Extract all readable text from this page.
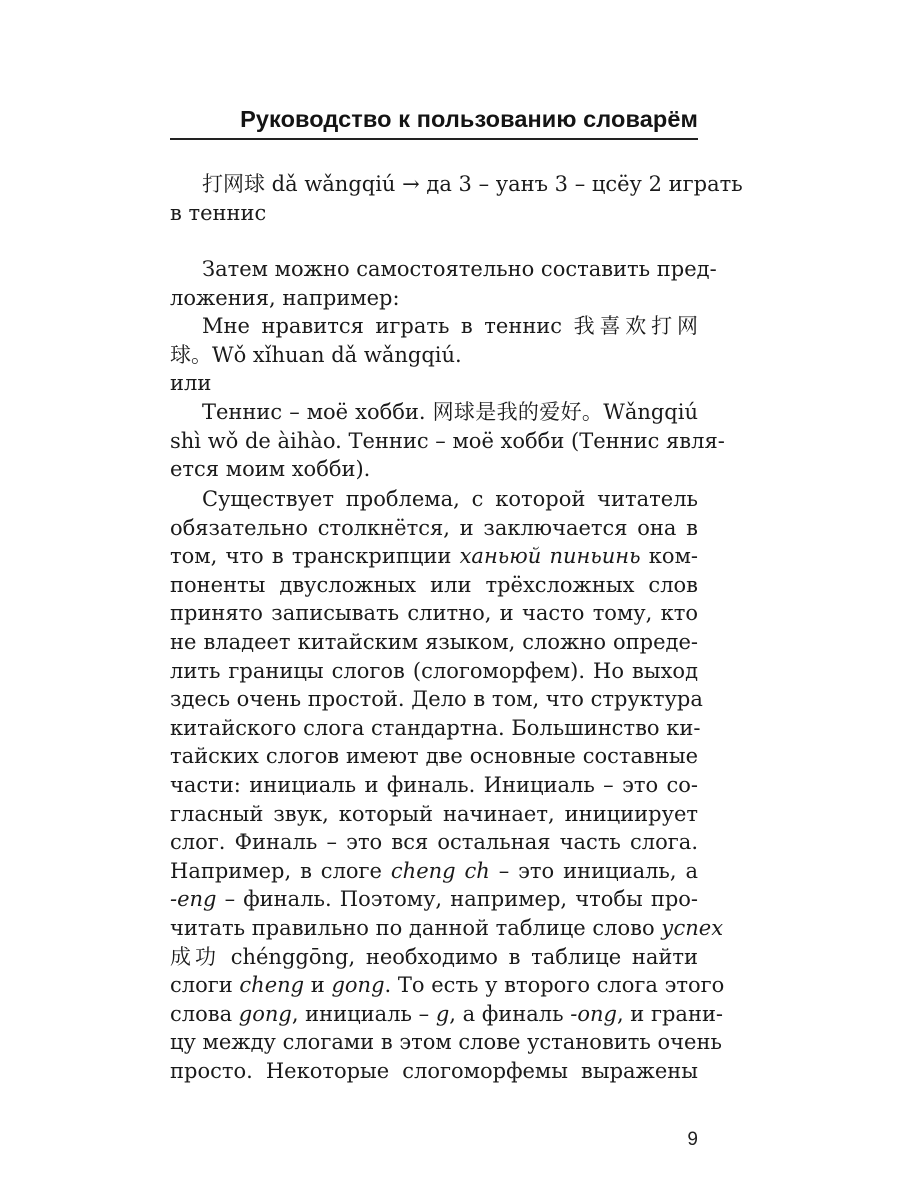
Руководство к пользованию словарём
打网球 dǎ wǎngqiú → да 3 – уанъ 3 – цсёу 2 играть
в теннис
Затем можно самостоятельно составить пред-
ложения, например:
Мне нравится играть в теннис 我喜欢打网
球。Wǒ xǐhuan dǎ wǎngqiú.
или
Теннис – моё хобби. 网球是我的爱好。Wǎngqiú
shì wǒ de àihào. Теннис – моё хобби (Теннис явля-
ется моим хобби).
Существует проблема, с которой читатель
обязательно столкнётся, и заключается она в
том, что в транскрипции ханьюй пиньинь ком-
поненты двусложных или трёхсложных слов
принято записывать слитно, и часто тому, кто
не владеет китайским языком, сложно опреде-
лить границы слогов (слогоморфем). Но выход
здесь очень простой. Дело в том, что структура
китайского слога стандартна. Большинство ки-
тайских слогов имеют две основные составные
части: инициаль и финаль. Инициаль – это со-
гласный звук, который начинает, инициирует
слог. Финаль – это вся остальная часть слога.
Например, в слоге cheng ch – это инициаль, а
-eng – финаль. Поэтому, например, чтобы про-
читать правильно по данной таблице слово успех
成功 chénggōng, необходимо в таблице найти
слоги cheng и gong. То есть у второго слога этого
слова gong, инициаль – g, а финаль -ong, и грани-
цу между слогами в этом слове установить очень
просто. Некоторые слогоморфемы выражены
9
